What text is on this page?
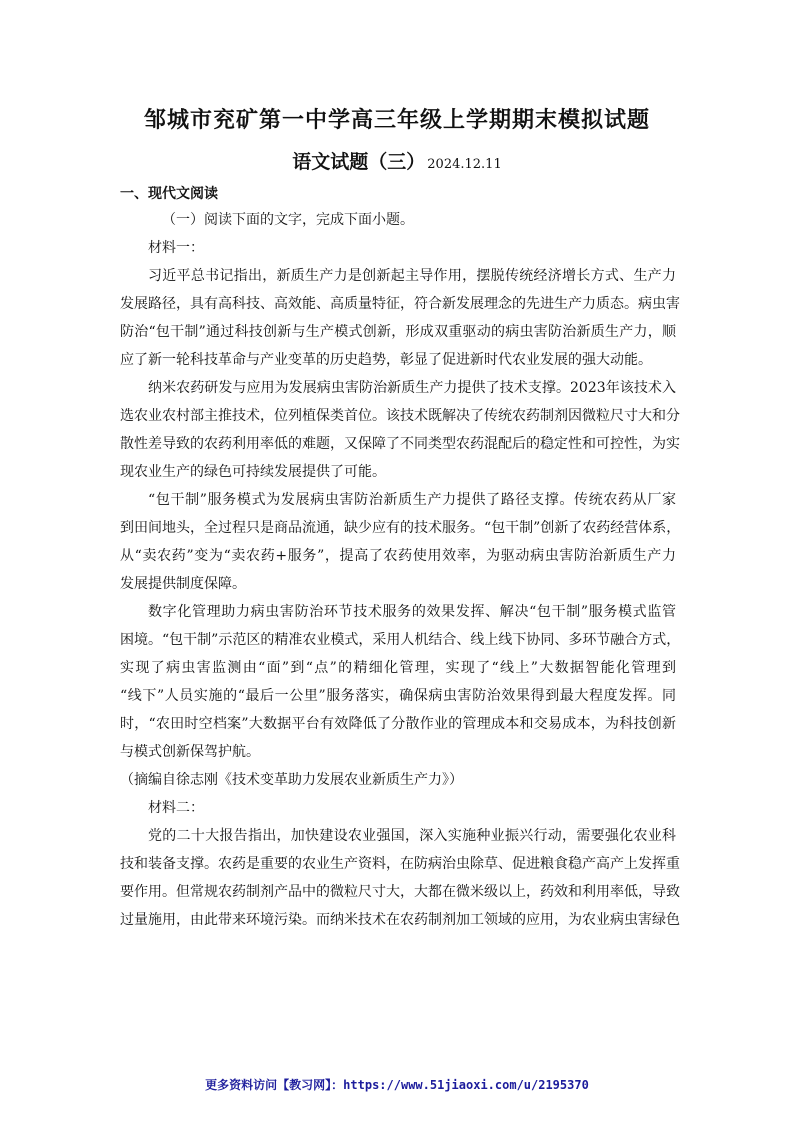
邹城市兖矿第一中学高三年级上学期期末模拟试题
语文试题（三） 2024.12.11
一、现代文阅读
（一）阅读下面的文字，完成下面小题。
材料一：
习近平总书记指出，新质生产力是创新起主导作用，摆脱传统经济增长方式、生产力
发展路径，具有高科技、高效能、高质量特征，符合新发展理念的先进生产力质态。病虫害
防治“包干制”通过科技创新与生产模式创新，形成双重驱动的病虫害防治新质生产力，顺
应了新一轮科技革命与产业变革的历史趋势，彰显了促进新时代农业发展的强大动能。
纳米农药研发与应用为发展病虫害防治新质生产力提供了技术支撑。2023年该技术入
选农业农村部主推技术，位列植保类首位。该技术既解决了传统农药制剂因微粒尺寸大和分
散性差导致的农药利用率低的难题，又保障了不同类型农药混配后的稳定性和可控性，为实
现农业生产的绿色可持续发展提供了可能。
“包干制”服务模式为发展病虫害防治新质生产力提供了路径支撑。传统农药从厂家
到田间地头，全过程只是商品流通，缺少应有的技术服务。“包干制”创新了农药经营体系，
从“卖农药”变为“卖农药+服务”，提高了农药使用效率，为驱动病虫害防治新质生产力
发展提供制度保障。
数字化管理助力病虫害防治环节技术服务的效果发挥、解决“包干制”服务模式监管
困境。“包干制”示范区的精准农业模式，采用人机结合、线上线下协同、多环节融合方式，
实现了病虫害监测由“面”到“点”的精细化管理，实现了“线上”大数据智能化管理到
“线下”人员实施的“最后一公里”服务落实，确保病虫害防治效果得到最大程度发挥。同
时，“农田时空档案”大数据平台有效降低了分散作业的管理成本和交易成本，为科技创新
与模式创新保驾护航。
（摘编自徐志刚《技术变革助力发展农业新质生产力》）
材料二：
党的二十大报告指出，加快建设农业强国，深入实施种业振兴行动，需要强化农业科
技和装备支撑。农药是重要的农业生产资料，在防病治虫除草、促进粮食稳产高产上发挥重
要作用。但常规农药制剂产品中的微粒尺寸大，大都在微米级以上，药效和利用率低，导致
过量施用，由此带来环境污染。而纳米技术在农药制剂加工领域的应用，为农业病虫害绿色
更多资料访问【教习网】：https://www.51jiaoxi.com/u/2195370
